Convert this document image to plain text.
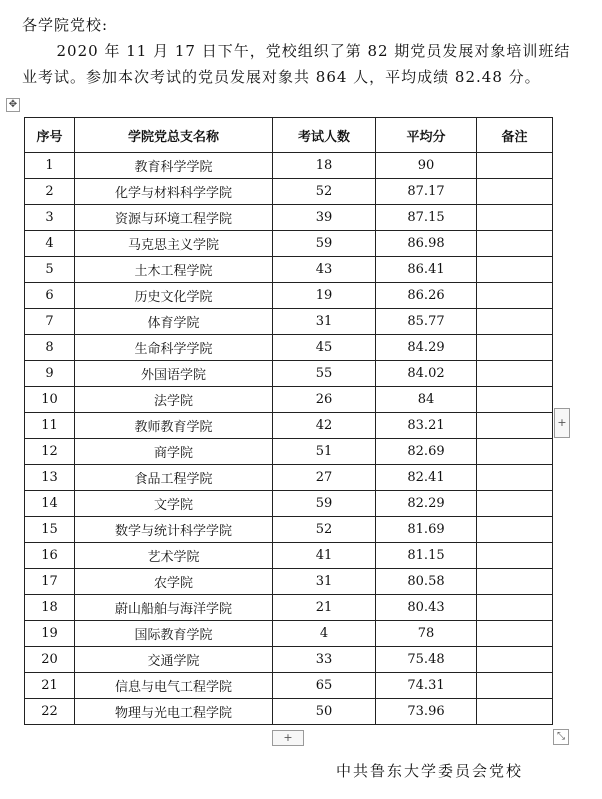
各学院党校:
2020 年 11 月 17 日下午，党校组织了第 82 期党员发展对象培训班结业考试。参加本次考试的党员发展对象共 864 人，平均成绩 82.48 分。
✥
序号	学院党总支名称	考试人数	平均分	备注
1	教育科学学院	18	90	
2	化学与材料科学学院	52	87.17	
3	资源与环境工程学院	39	87.15	
4	马克思主义学院	59	86.98	
5	土木工程学院	43	86.41	
6	历史文化学院	19	86.26	
7	体育学院	31	85.77	
8	生命科学学院	45	84.29	
9	外国语学院	55	84.02	
10	法学院	26	84	
11	教师教育学院	42	83.21	
12	商学院	51	82.69	
13	食品工程学院	27	82.41	
14	文学院	59	82.29	
15	数学与统计科学学院	52	81.69	
16	艺术学院	41	81.15	
17	农学院	31	80.58	
18	蔚山船舶与海洋学院	21	80.43	
19	国际教育学院	4	78	
20	交通学院	33	75.48	
21	信息与电气工程学院	65	74.31	
22	物理与光电工程学院	50	73.96	
+
+	⤡
中共鲁东大学委员会党校
